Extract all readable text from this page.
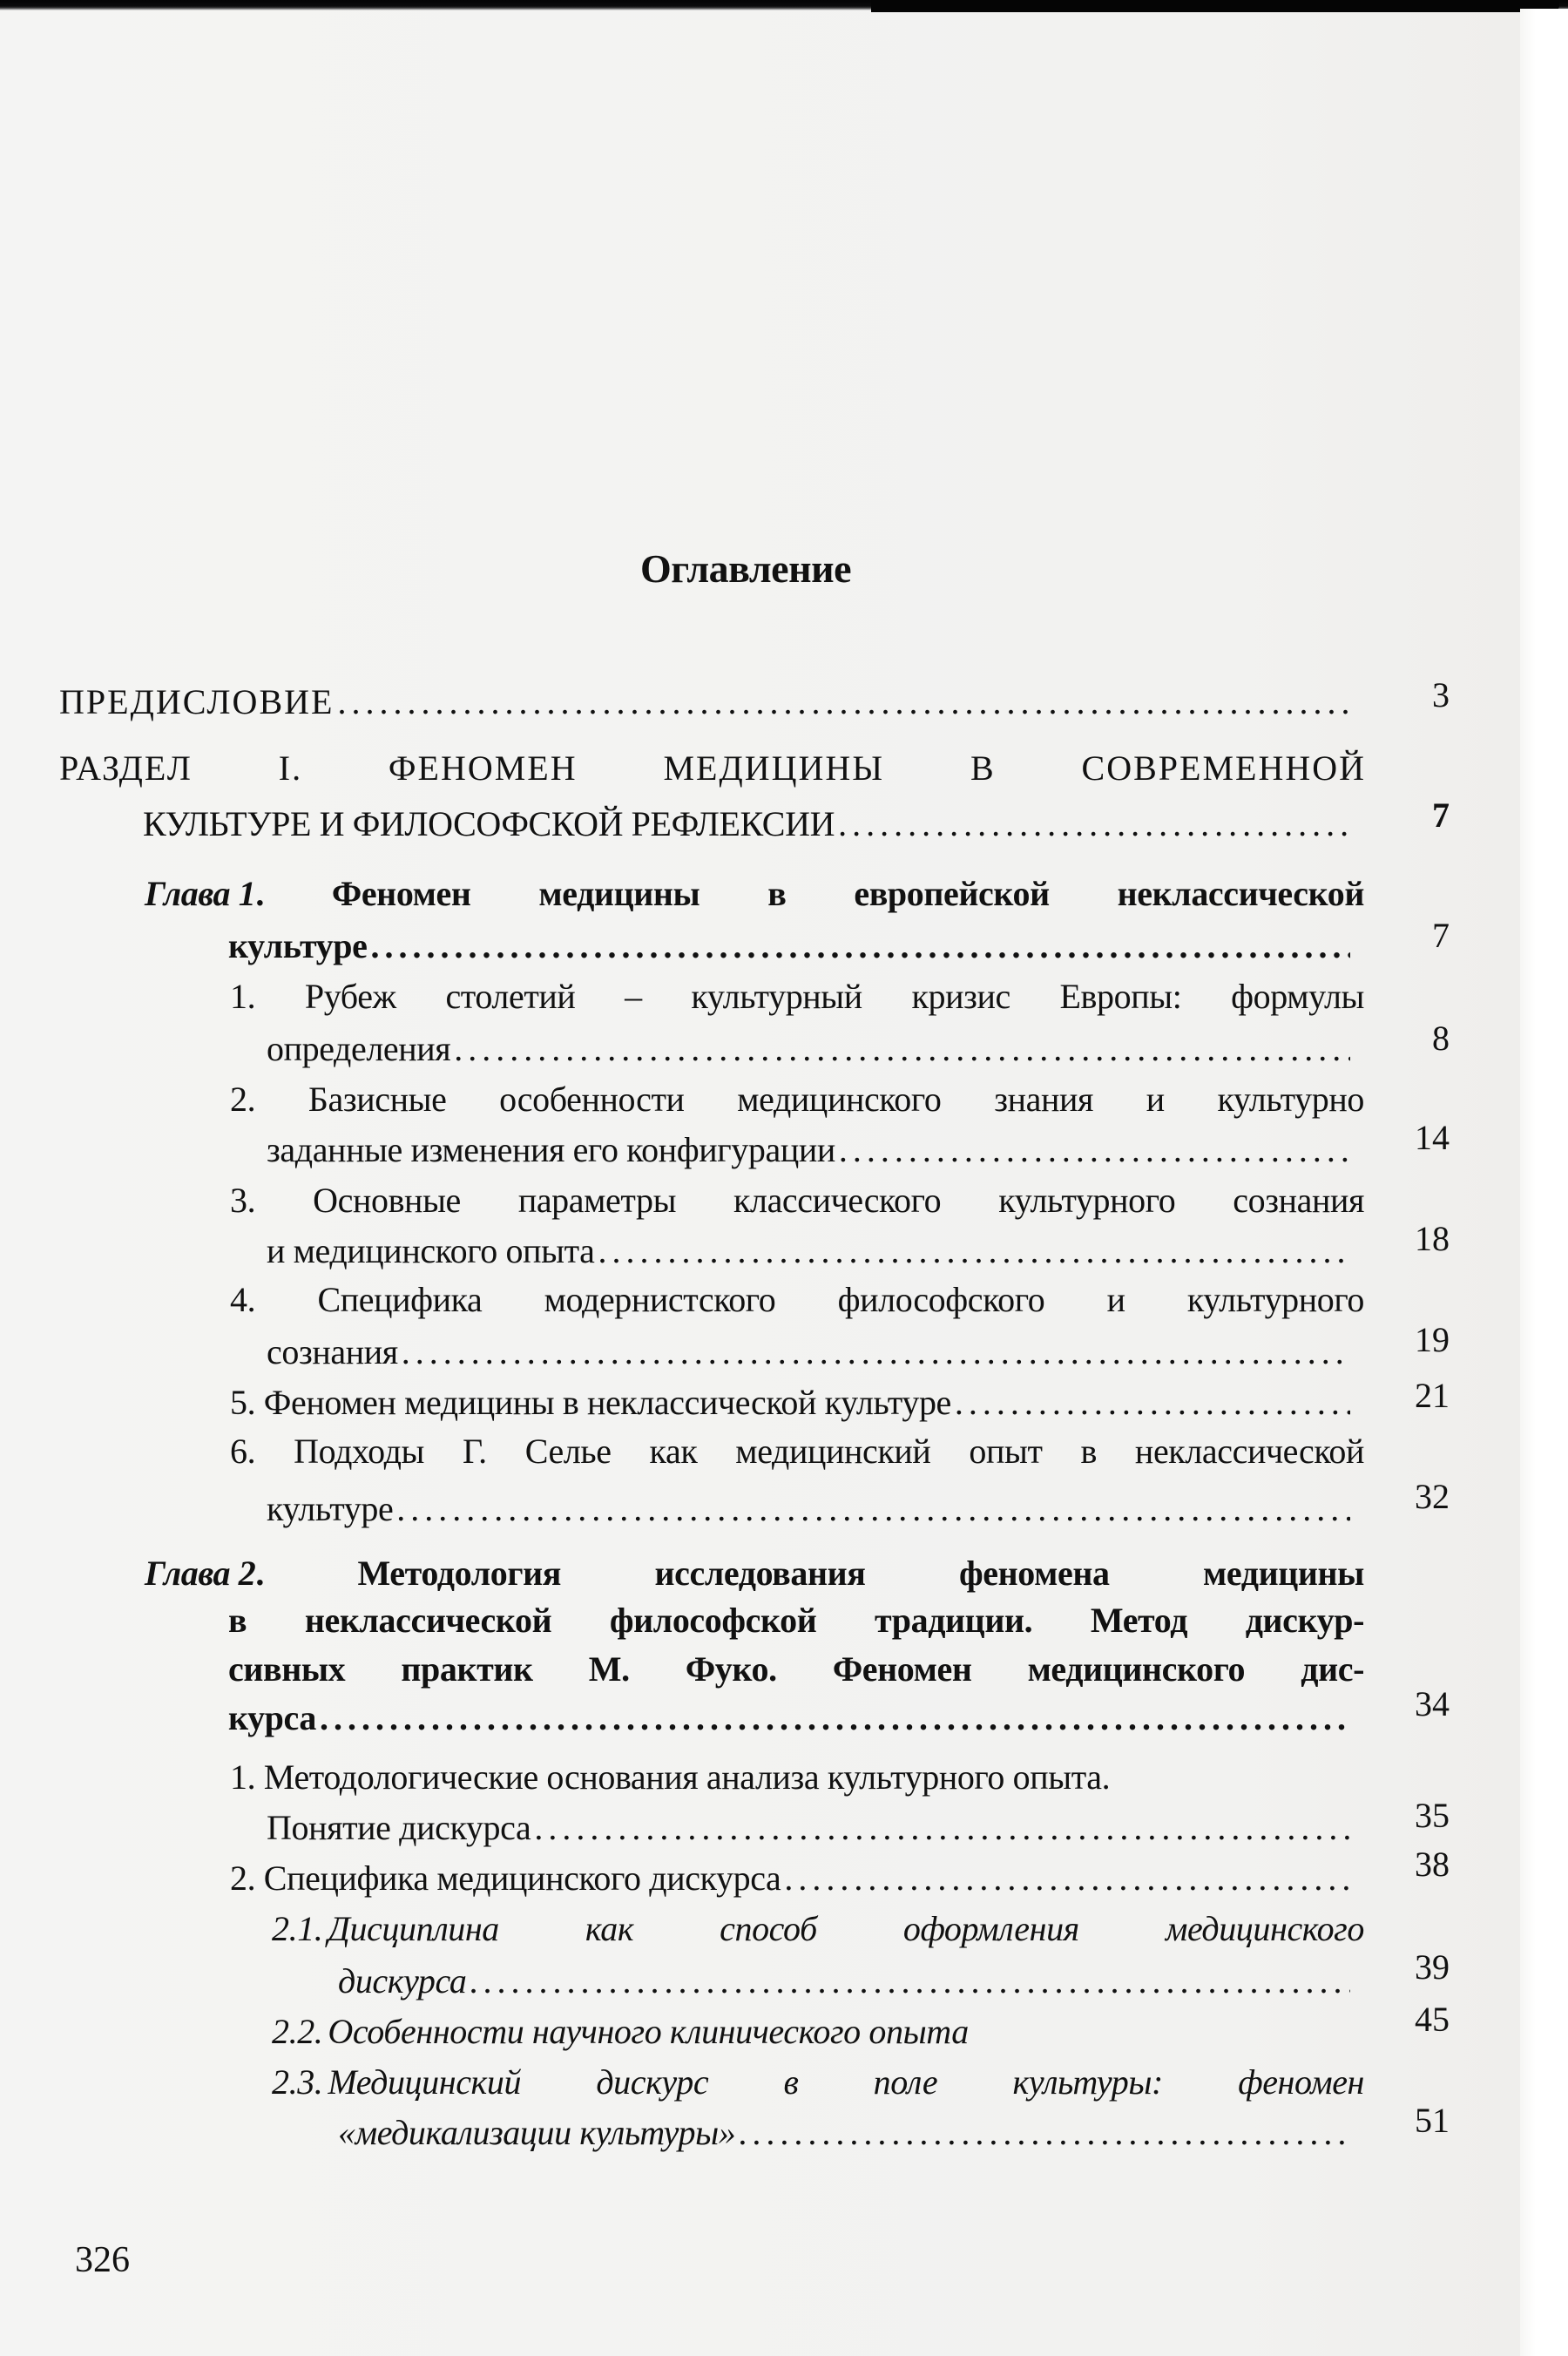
Оглавление
ПРЕДИСЛОВИЕ . . .	3
РАЗДЕЛ I. ФЕНОМЕН МЕДИЦИНЫ В СОВРЕМЕННОЙ
КУЛЬТУРЕ И ФИЛОСОФСКОЙ РЕФЛЕКСИИ . . .	7
Глава 1 . Феномен медицины в европейской неклассической
культуре . . .	7
1. Рубеж столетий – культурный кризис Европы: формулы
определения . . .	8
2. Базисные особенности медицинского знания и культурно
заданные изменения его конфигурации . . .	14
3. Основные параметры классического культурного сознания
и медицинского опыта . . .	18
4. Специфика модернистского философского и культурного
сознания . . .	19
5. Феномен медицины в неклассической культуре . . .	21
6. Подходы Г. Селье как медицинский опыт в неклассической
культуре . . .	32
Глава 2 . Методология исследования феномена медицины
в неклассической философской традиции. Метод дискур-
сивных практик М. Фуко. Феномен медицинского дис-
курса . . .	34
1. Методологические основания анализа культурного опыта.
Понятие дискурса . . .	35
2. Специфика медицинского дискурса . . .	38
2.1. Дисциплина как способ оформления медицинского
дискурса . . .	39
2.2. Особенности научного клинического опыта	45
2.3. Медицинский дискурс в поле культуры: феномен
«медикализации культуры» . . .	51
326
